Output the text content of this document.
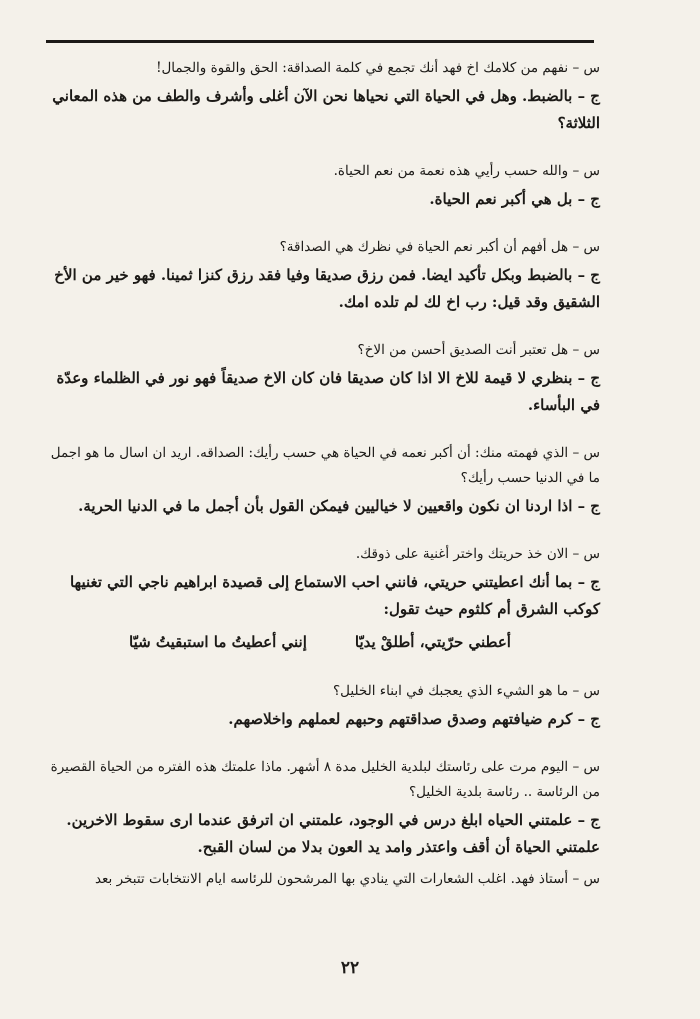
س – نفهم من كلامك اخ فهد أنك تجمع في كلمة الصداقة: الحق والقوة والجمال!

ج – بالضبط. وهل في الحياة التي نحياها نحن الآن أغلى وأشرف والطف من هذه المعاني الثلاثة؟

س – والله حسب رأيي هذه نعمة من نعم الحياة.

ج – بل هي أكبر نعم الحياة.

س – هل أفهم أن أكبر نعم الحياة في نظرك هي الصداقة؟

ج – بالضبط وبكل تأكيد ايضا. فمن رزق صديقا وفيا فقد رزق كنزا ثمينا. فهو خير من الأخ الشقيق وقد قيل: رب اخ لك لم تلده امك.

س – هل تعتبر أنت الصديق أحسن من الاخ؟

ج – بنظري لا قيمة للاخ الا اذا كان صديقا فان كان الاخ صديقاً فهو نور في الظلماء وعدّة في البأساء.

س – الذي فهمته منك: أن أكبر نعمه في الحياة هي حسب رأيك: الصداقه. اريد ان اسال ما هو اجمل ما في الدنيا حسب رأيك؟

ج – اذا اردنا ان نكون واقعيين لا خياليين فيمكن القول بأن أجمل ما في الدنيا الحرية.

س – الان خذ حريتك واختر أغنية على ذوقك.

ج – بما أنك اعطيتني حريتي، فانني احب الاستماع إلى قصيدة ابراهيم ناجي التي تغنيها كوكب الشرق أم كلثوم حيث تقول:

أعطني حرّيتي، أطلقْ يديّا
إنني أعطيتُ ما استبقيتُ شيّا

س – ما هو الشيء الذي يعجبك في ابناء الخليل؟

ج – كرم ضيافتهم وصدق صداقتهم وحبهم لعملهم واخلاصهم.

س – اليوم مرت على رئاستك لبلدية الخليل مدة ٨ أشهر. ماذا علمتك هذه الفتره من الحياة القصيرة من الرئاسة .. رئاسة بلدية الخليل؟

ج – علمتني الحياه ابلغ درس في الوجود، علمتني ان اترفق عندما ارى سقوط الاخرين. علمتني الحياة أن أقف واعتذر وامد يد العون بدلا من لسان القبح.

س – أستاذ فهد. اغلب الشعارات التي ينادي بها المرشحون للرئاسه ايام الانتخابات تتبخر بعد

٢٢
